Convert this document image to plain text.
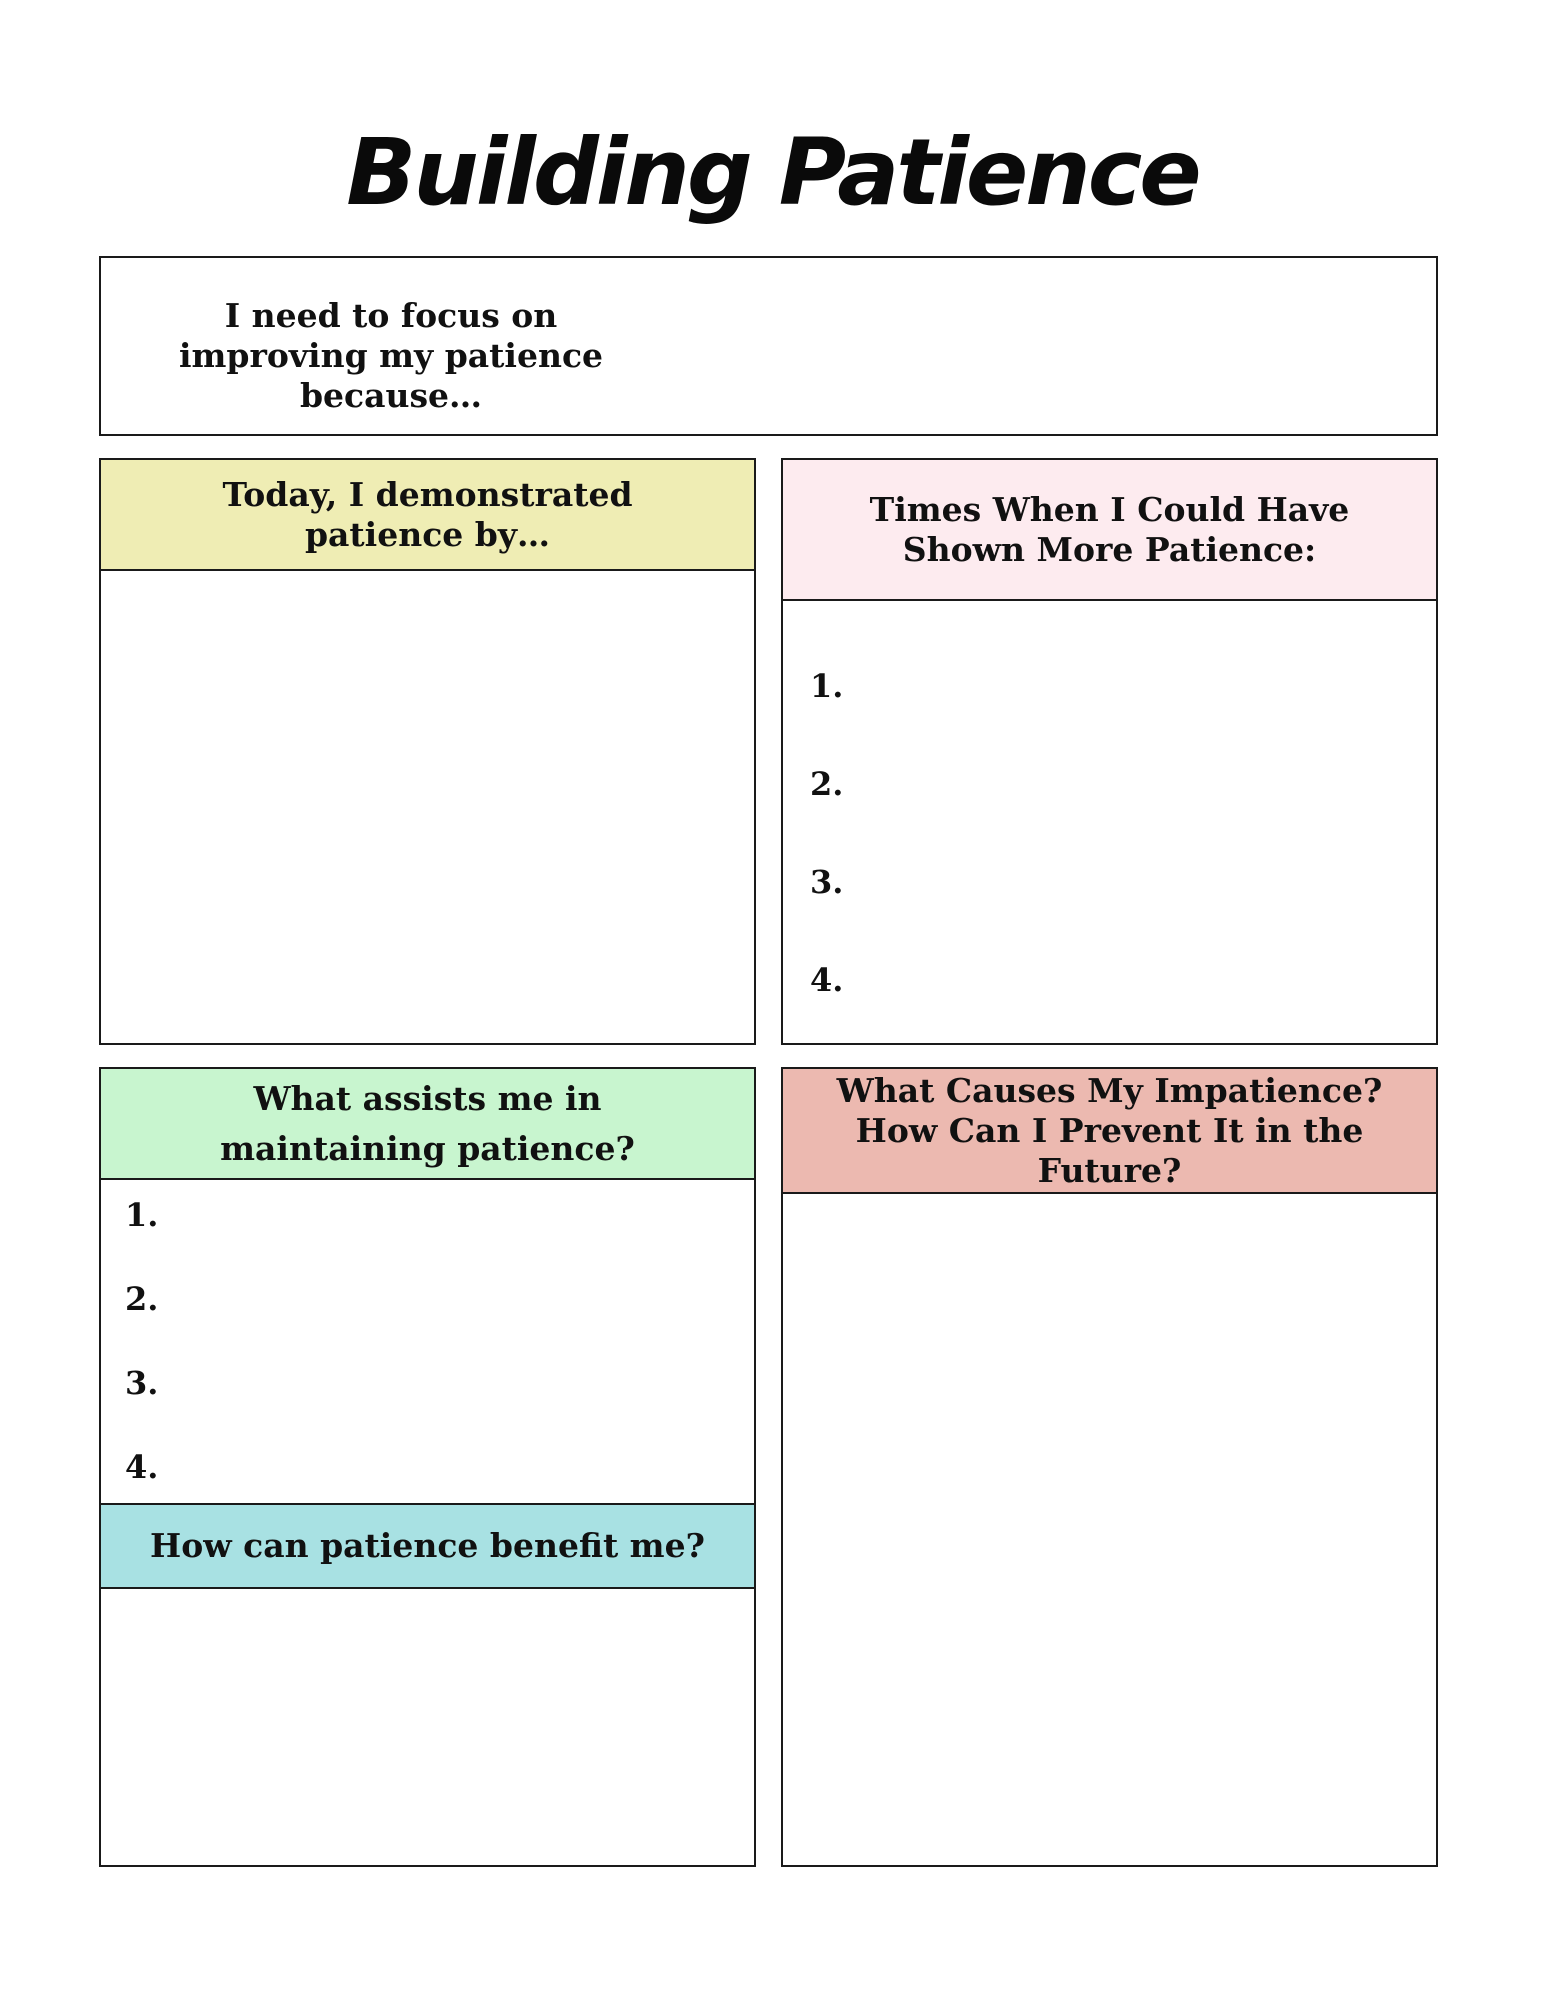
Building Patience
I need to focus on improving my patience because…
Today, I demonstrated patience by…
Times When I Could Have Shown More Patience:
1.
2.
3.
4.
What assists me in maintaining patience?
1.
2.
3.
4.
How can patience benefit me?
What Causes My Impatience? How Can I Prevent It in the Future?
